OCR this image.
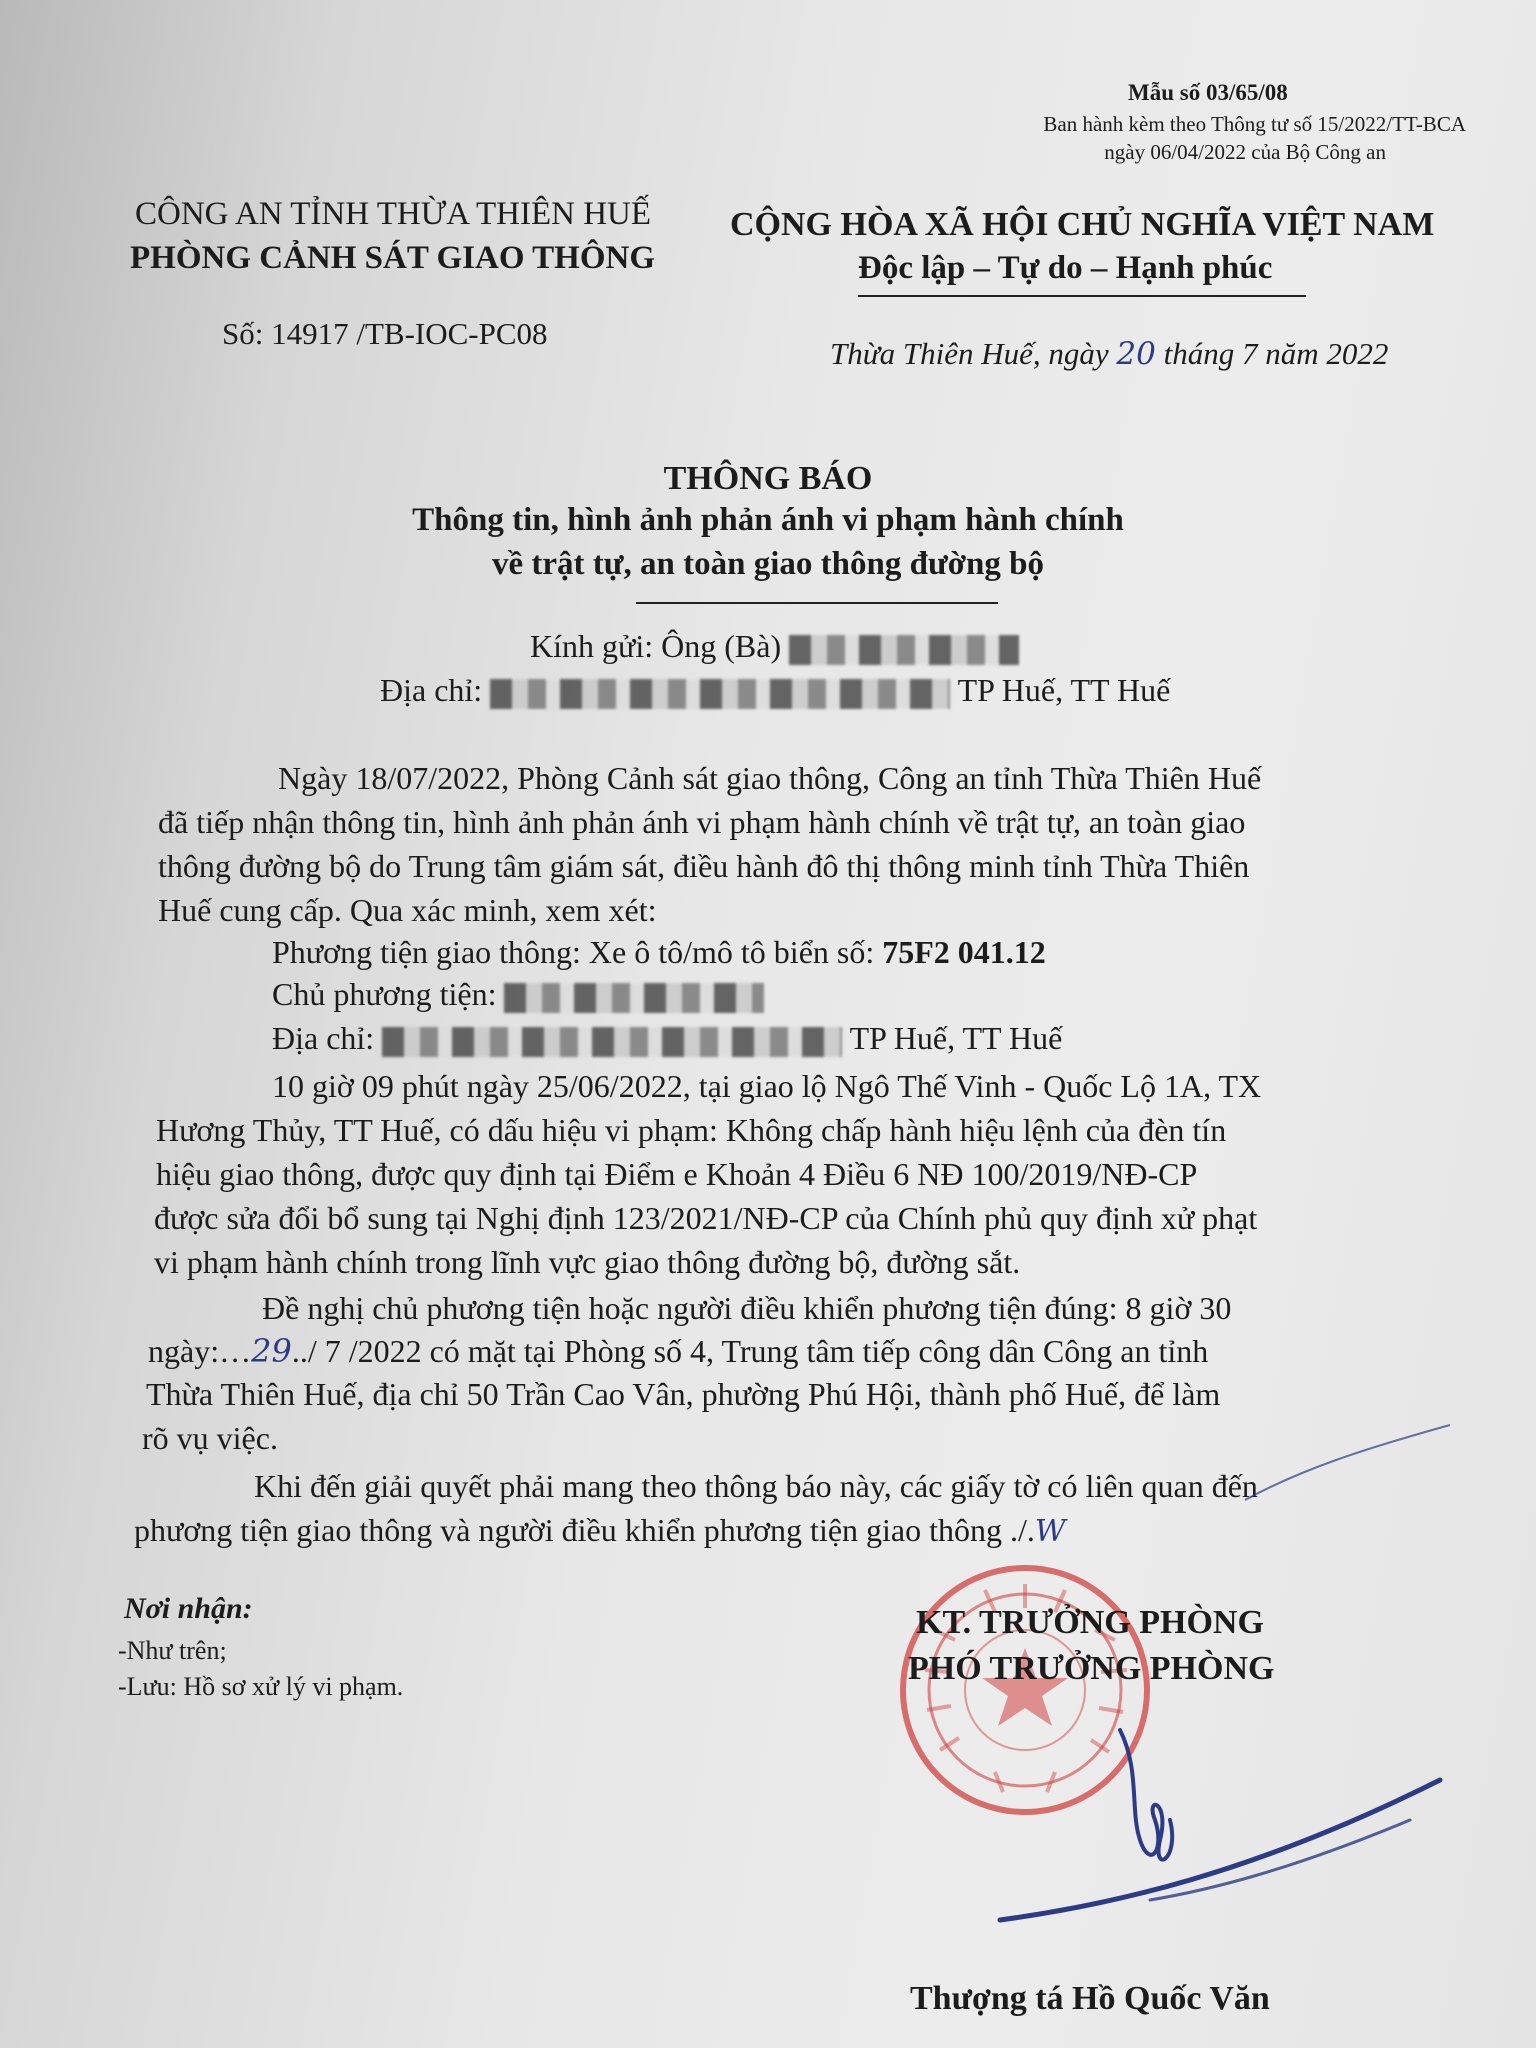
Mẫu số 03/65/08
Ban hành kèm theo Thông tư số 15/2022/TT-BCA
ngày 06/04/2022 của Bộ Công an
CÔNG AN TỈNH THỪA THIÊN HUẾ
PHÒNG CẢNH SÁT GIAO THÔNG
CỘNG HÒA XÃ HỘI CHỦ NGHĨA VIỆT NAM
Độc lập – Tự do – Hạnh phúc
Số: 14917 /TB-IOC-PC08
Thừa Thiên Huế, ngày 20 tháng 7 năm 2022
THÔNG BÁO
Thông tin, hình ảnh phản ánh vi phạm hành chính
về trật tự, an toàn giao thông đường bộ
Kính gửi: Ông (Bà)
Địa chỉ:	TP Huế, TT Huế
Ngày 18/07/2022, Phòng Cảnh sát giao thông, Công an tỉnh Thừa Thiên Huế
đã tiếp nhận thông tin, hình ảnh phản ánh vi phạm hành chính về trật tự, an toàn giao
thông đường bộ do Trung tâm giám sát, điều hành đô thị thông minh tỉnh Thừa Thiên
Huế cung cấp. Qua xác minh, xem xét:
Phương tiện giao thông: Xe ô tô/mô tô biển số: 75F2 041.12
Chủ phương tiện:
Địa chỉ:	TP Huế, TT Huế
10 giờ 09 phút ngày 25/06/2022, tại giao lộ Ngô Thế Vinh - Quốc Lộ 1A, TX
Hương Thủy, TT Huế, có dấu hiệu vi phạm: Không chấp hành hiệu lệnh của đèn tín
hiệu giao thông, được quy định tại Điểm e Khoản 4 Điều 6 NĐ 100/2019/NĐ-CP
được sửa đổi bổ sung tại Nghị định 123/2021/NĐ-CP của Chính phủ quy định xử phạt
vi phạm hành chính trong lĩnh vực giao thông đường bộ, đường sắt.
Đề nghị chủ phương tiện hoặc người điều khiển phương tiện đúng: 8 giờ 30
ngày:…29../ 7 /2022 có mặt tại Phòng số 4, Trung tâm tiếp công dân Công an tỉnh
Thừa Thiên Huế, địa chỉ 50 Trần Cao Vân, phường Phú Hội, thành phố Huế, để làm
rõ vụ việc.
Khi đến giải quyết phải mang theo thông báo này, các giấy tờ có liên quan đến
phương tiện giao thông và người điều khiển phương tiện giao thông ./.W
Nơi nhận:
-Như trên;
-Lưu: Hồ sơ xử lý vi phạm.
KT. TRƯỞNG PHÒNG
PHÓ TRƯỞNG PHÒNG
Thượng tá Hồ Quốc Văn
